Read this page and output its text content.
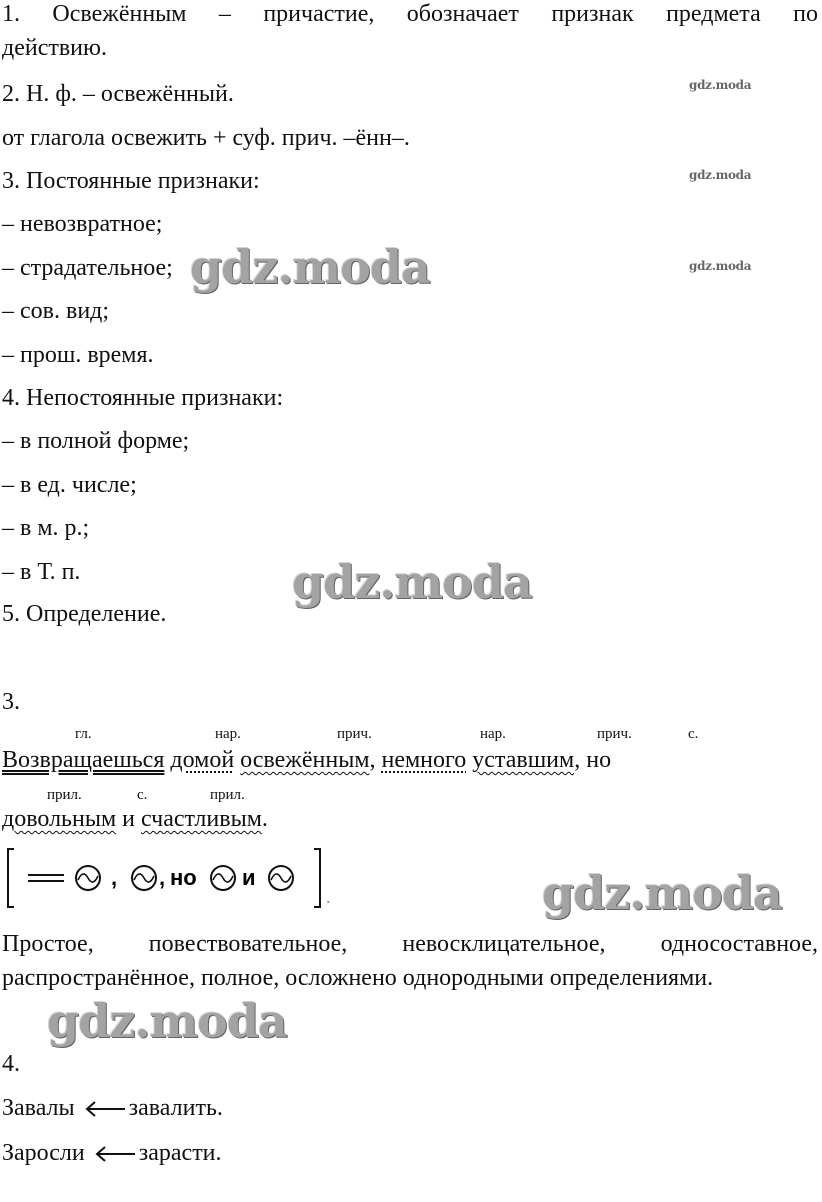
1. Освежённым – причастие, обозначает признак предмета по
действию.
2. Н. ф. – освежённый.
от глагола освежить + суф. прич. –ённ–.
3. Постоянные признаки:
– невозвратное;
– страдательное;
– сов. вид;
– прош. время.
4. Непостоянные признаки:
– в полной форме;
– в ед. числе;
– в м. р.;
– в Т. п.
5. Определение.
3.
гл.	нар.	прич.	нар.	прич.	с.
Возвращаешься домой освежённым, немного уставшим, но
прил.	с.	прил.
довольным и счастливым.
, , но и
.
Простое, повествовательное, невосклицательное, односоставное,
распространённое, полное, осложнено однородными определениями.
4.
Завалы завалить.
Заросли зарасти.
gdz.moda
gdz.moda
gdz.moda
gdz.moda
gdz.moda
gdz.moda
gdz.moda
